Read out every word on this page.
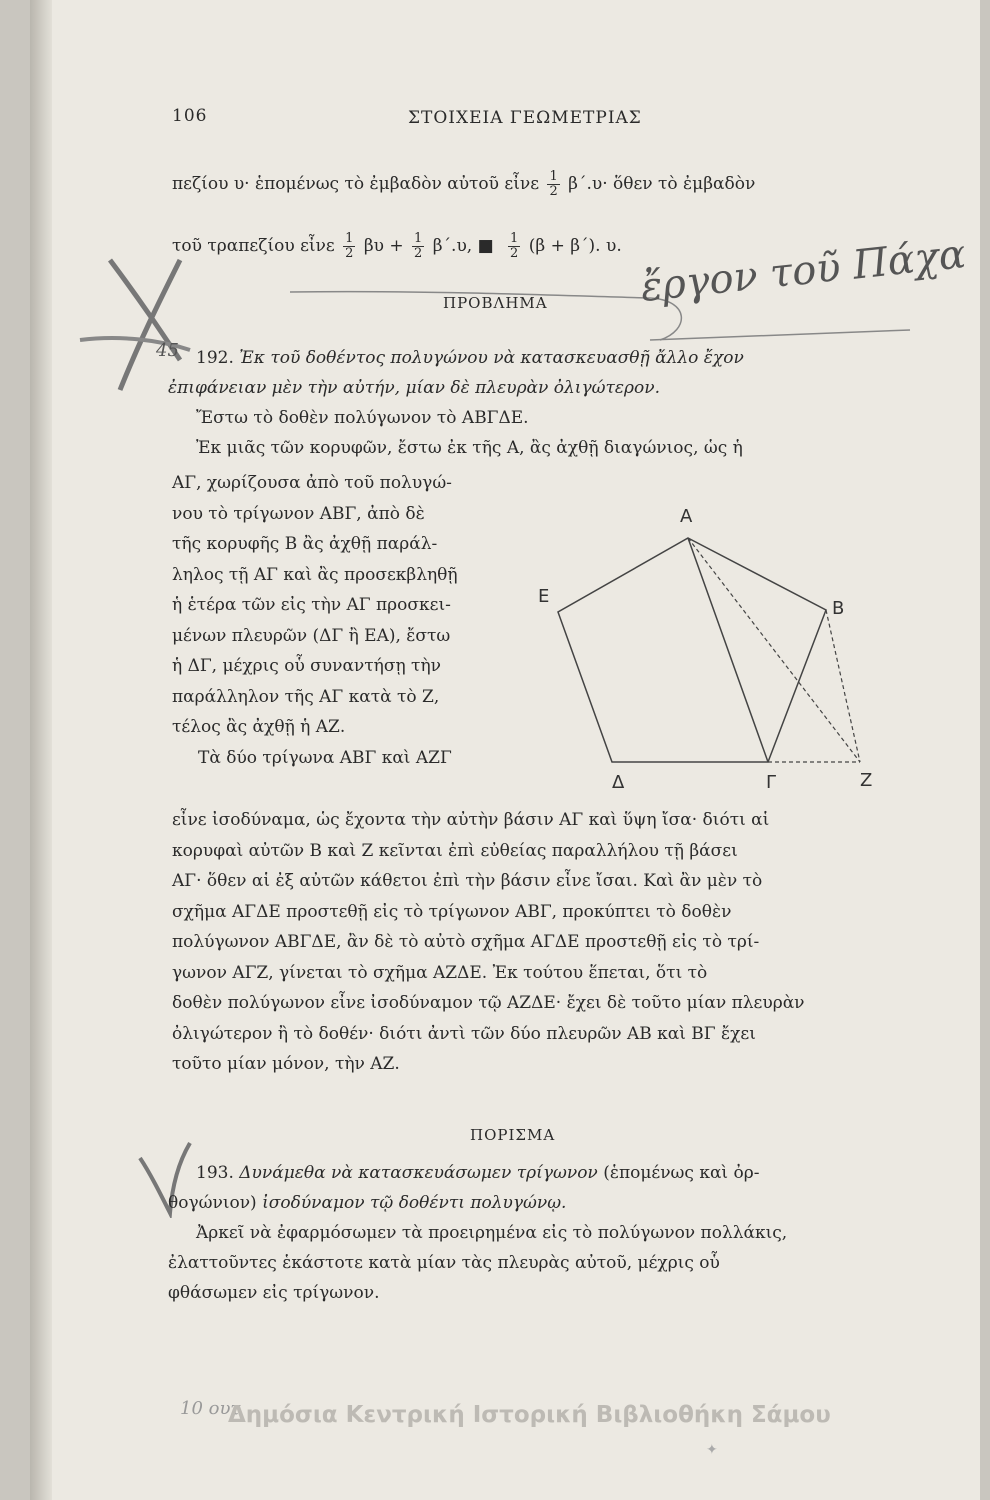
106	ΣΤΟΙΧΕΙΑ ΓΕΩΜΕΤΡΙΑΣ
πεζίου υ· ἑπομένως τὸ ἐμβαδὸν αὐτοῦ εἶνε $\frac{1}{2} \beta΄.\upsilon\cdot$ ὅθεν τὸ ἐμβαδὸν
τοῦ τραπεζίου εἶνε $\frac{1}{2}$ $\beta\upsilon + \frac{1}{2} \beta΄.\upsilon$, ■ $\frac{1}{2} (\beta + \beta΄)$. υ. ἔργον τοῦ Πάχα
45
ΠΡΟΒΛΗΜΑ
192. Ἐκ τοῦ δοθέντος πολυγώνου νὰ κατασκευασθῇ ἄλλο ἔχον
ἐπιφάνειαν μὲν τὴν αὐτήν, μίαν δὲ πλευρὰν ὀλιγώτερον.
Ἔστω τὸ δοθὲν πολύγωνον τὸ ΑΒΓΔΕ.
Ἐκ μιᾶς τῶν κορυφῶν, ἔστω ἐκ τῆς Α, ἂς ἀχθῇ διαγώνιος, ὡς ἡ
ΑΓ, χωρίζουσα ἀπὸ τοῦ πολυγώ-
νου τὸ τρίγωνον ΑΒΓ, ἀπὸ δὲ
τῆς κορυφῆς Β ἂς ἀχθῇ παράλ-
ληλος τῇ ΑΓ καὶ ἂς προσεκβληθῇ
ἡ ἑτέρα τῶν εἰς τὴν ΑΓ προσκει-
μένων πλευρῶν (ΔΓ ἢ ΕΑ), ἔστω
ἡ ΔΓ, μέχρις οὗ συναντήσῃ τὴν
παράλληλον τῆς ΑΓ κατὰ τὸ Ζ,
τέλος ἂς ἀχθῇ ἡ ΑΖ.
Τὰ δύο τρίγωνα ΑΒΓ καὶ ΑΖΓ
Α
Β
Γ
Δ
Ε
Ζ
εἶνε ἰσοδύναμα, ὡς ἔχοντα τὴν αὐτὴν βάσιν ΑΓ καὶ ὕψη ἴσα· διότι αἱ
κορυφαὶ αὐτῶν Β καὶ Ζ κεῖνται ἐπὶ εὐθείας παραλλήλου τῇ βάσει
ΑΓ· ὅθεν αἱ ἐξ αὐτῶν κάθετοι ἐπὶ τὴν βάσιν εἶνε ἴσαι. Καὶ ἂν μὲν τὸ
σχῆμα ΑΓΔΕ προστεθῇ εἰς τὸ τρίγωνον ΑΒΓ, προκύπτει τὸ δοθὲν
πολύγωνον ΑΒΓΔΕ, ἂν δὲ τὸ αὐτὸ σχῆμα ΑΓΔΕ προστεθῇ εἰς τὸ τρί-
γωνον ΑΓΖ, γίνεται τὸ σχῆμα ΑΖΔΕ. Ἐκ τούτου ἕπεται, ὅτι τὸ
δοθὲν πολύγωνον εἶνε ἰσοδύναμον τῷ ΑΖΔΕ· ἔχει δὲ τοῦτο μίαν πλευρὰν
ὀλιγώτερον ἢ τὸ δοθέν· διότι ἀντὶ τῶν δύο πλευρῶν ΑΒ καὶ ΒΓ ἔχει
τοῦτο μίαν μόνον, τὴν ΑΖ.
ΠΟΡΙΣΜΑ
193. Δυνάμεθα νὰ κατασκευάσωμεν τρίγωνον (ἑπομένως καὶ ὀρ-
θογώνιον) ἰσοδύναμον τῷ δοθέντι πολυγώνῳ.
Ἀρκεῖ νὰ ἐφαρμόσωμεν τὰ προειρημένα εἰς τὸ πολύγωνον πολλάκις,
ἐλαττοῦντες ἑκάστοτε κατὰ μίαν τὰς πλευρὰς αὐτοῦ, μέχρις οὗ
φθάσωμεν εἰς τρίγωνον.
10 ουτ
Δημόσια Κεντρική Ιστορική Βιβλιοθήκη Σάμου
✦
